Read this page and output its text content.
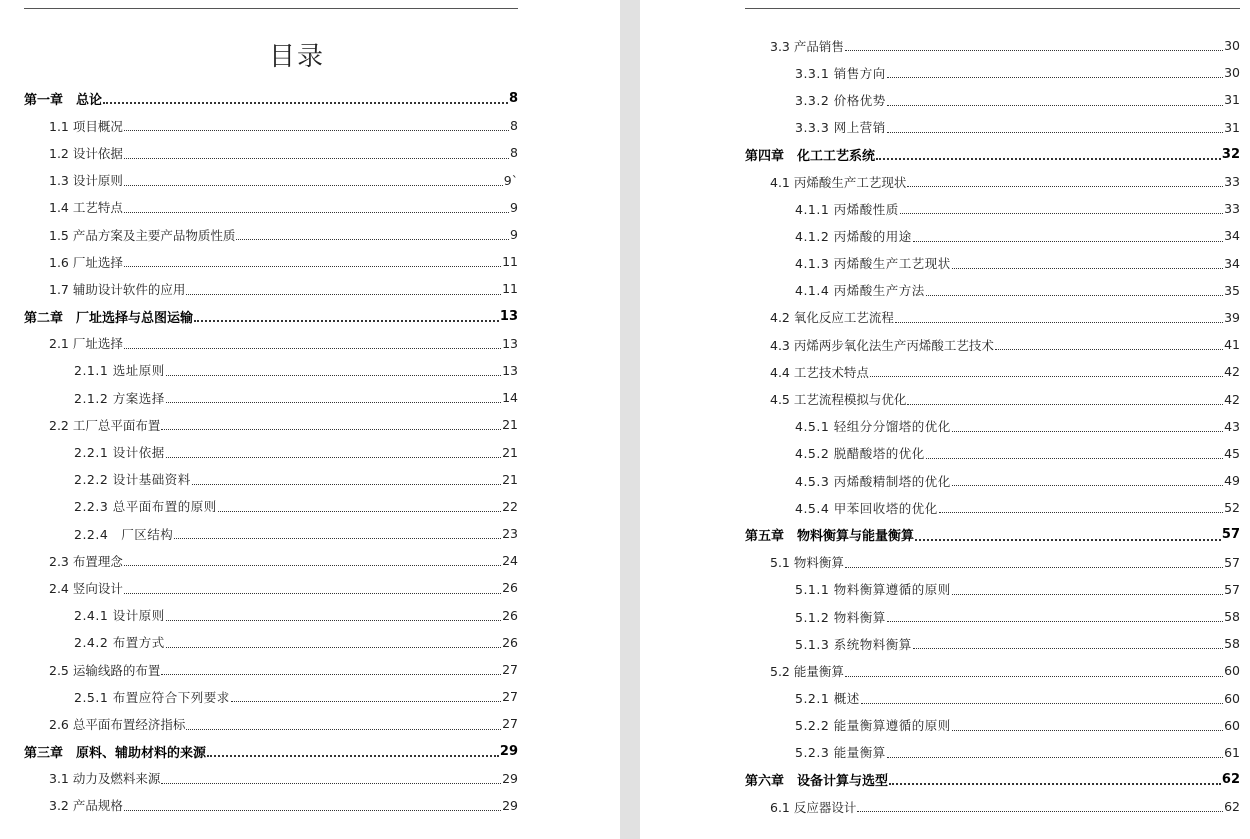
目录
第一章　总论	8
1.1 项目概况	8
1.2 设计依据	8
1.3 设计原则	9`
1.4 工艺特点	9
1.5 产品方案及主要产品物质性质	9
1.6 厂址选择	11
1.7 辅助设计软件的应用	11
第二章　厂址选择与总图运输	13
2.1 厂址选择	13
2.1.1 选址原则	13
2.1.2 方案选择	14
2.2 工厂总平面布置	21
2.2.1 设计依据	21
2.2.2 设计基础资料	21
2.2.3 总平面布置的原则	22
2.2.4　厂区结构	23
2.3 布置理念	24
2.4 竖向设计	26
2.4.1 设计原则	26
2.4.2 布置方式	26
2.5 运输线路的布置	27
2.5.1 布置应符合下列要求	27
2.6 总平面布置经济指标	27
第三章　原料、辅助材料的来源	29
3.1 动力及燃料来源	29
3.2 产品规格	29
3.3 产品销售	30
3.3.1 销售方向	30
3.3.2 价格优势	31
3.3.3 网上营销	31
第四章　化工工艺系统	32
4.1 丙烯酸生产工艺现状	33
4.1.1 丙烯酸性质	33
4.1.2 丙烯酸的用途	34
4.1.3 丙烯酸生产工艺现状	34
4.1.4 丙烯酸生产方法	35
4.2 氧化反应工艺流程	39
4.3 丙烯两步氧化法生产丙烯酸工艺技术	41
4.4 工艺技术特点	42
4.5 工艺流程模拟与优化	42
4.5.1 轻组分分馏塔的优化	43
4.5.2 脱醋酸塔的优化	45
4.5.3 丙烯酸精制塔的优化	49
4.5.4 甲苯回收塔的优化	52
第五章　物料衡算与能量衡算	57
5.1 物料衡算	57
5.1.1 物料衡算遵循的原则	57
5.1.2 物料衡算	58
5.1.3 系统物料衡算	58
5.2 能量衡算	60
5.2.1 概述	60
5.2.2 能量衡算遵循的原则	60
5.2.3 能量衡算	61
第六章　设备计算与选型	62
6.1 反应器设计	62
